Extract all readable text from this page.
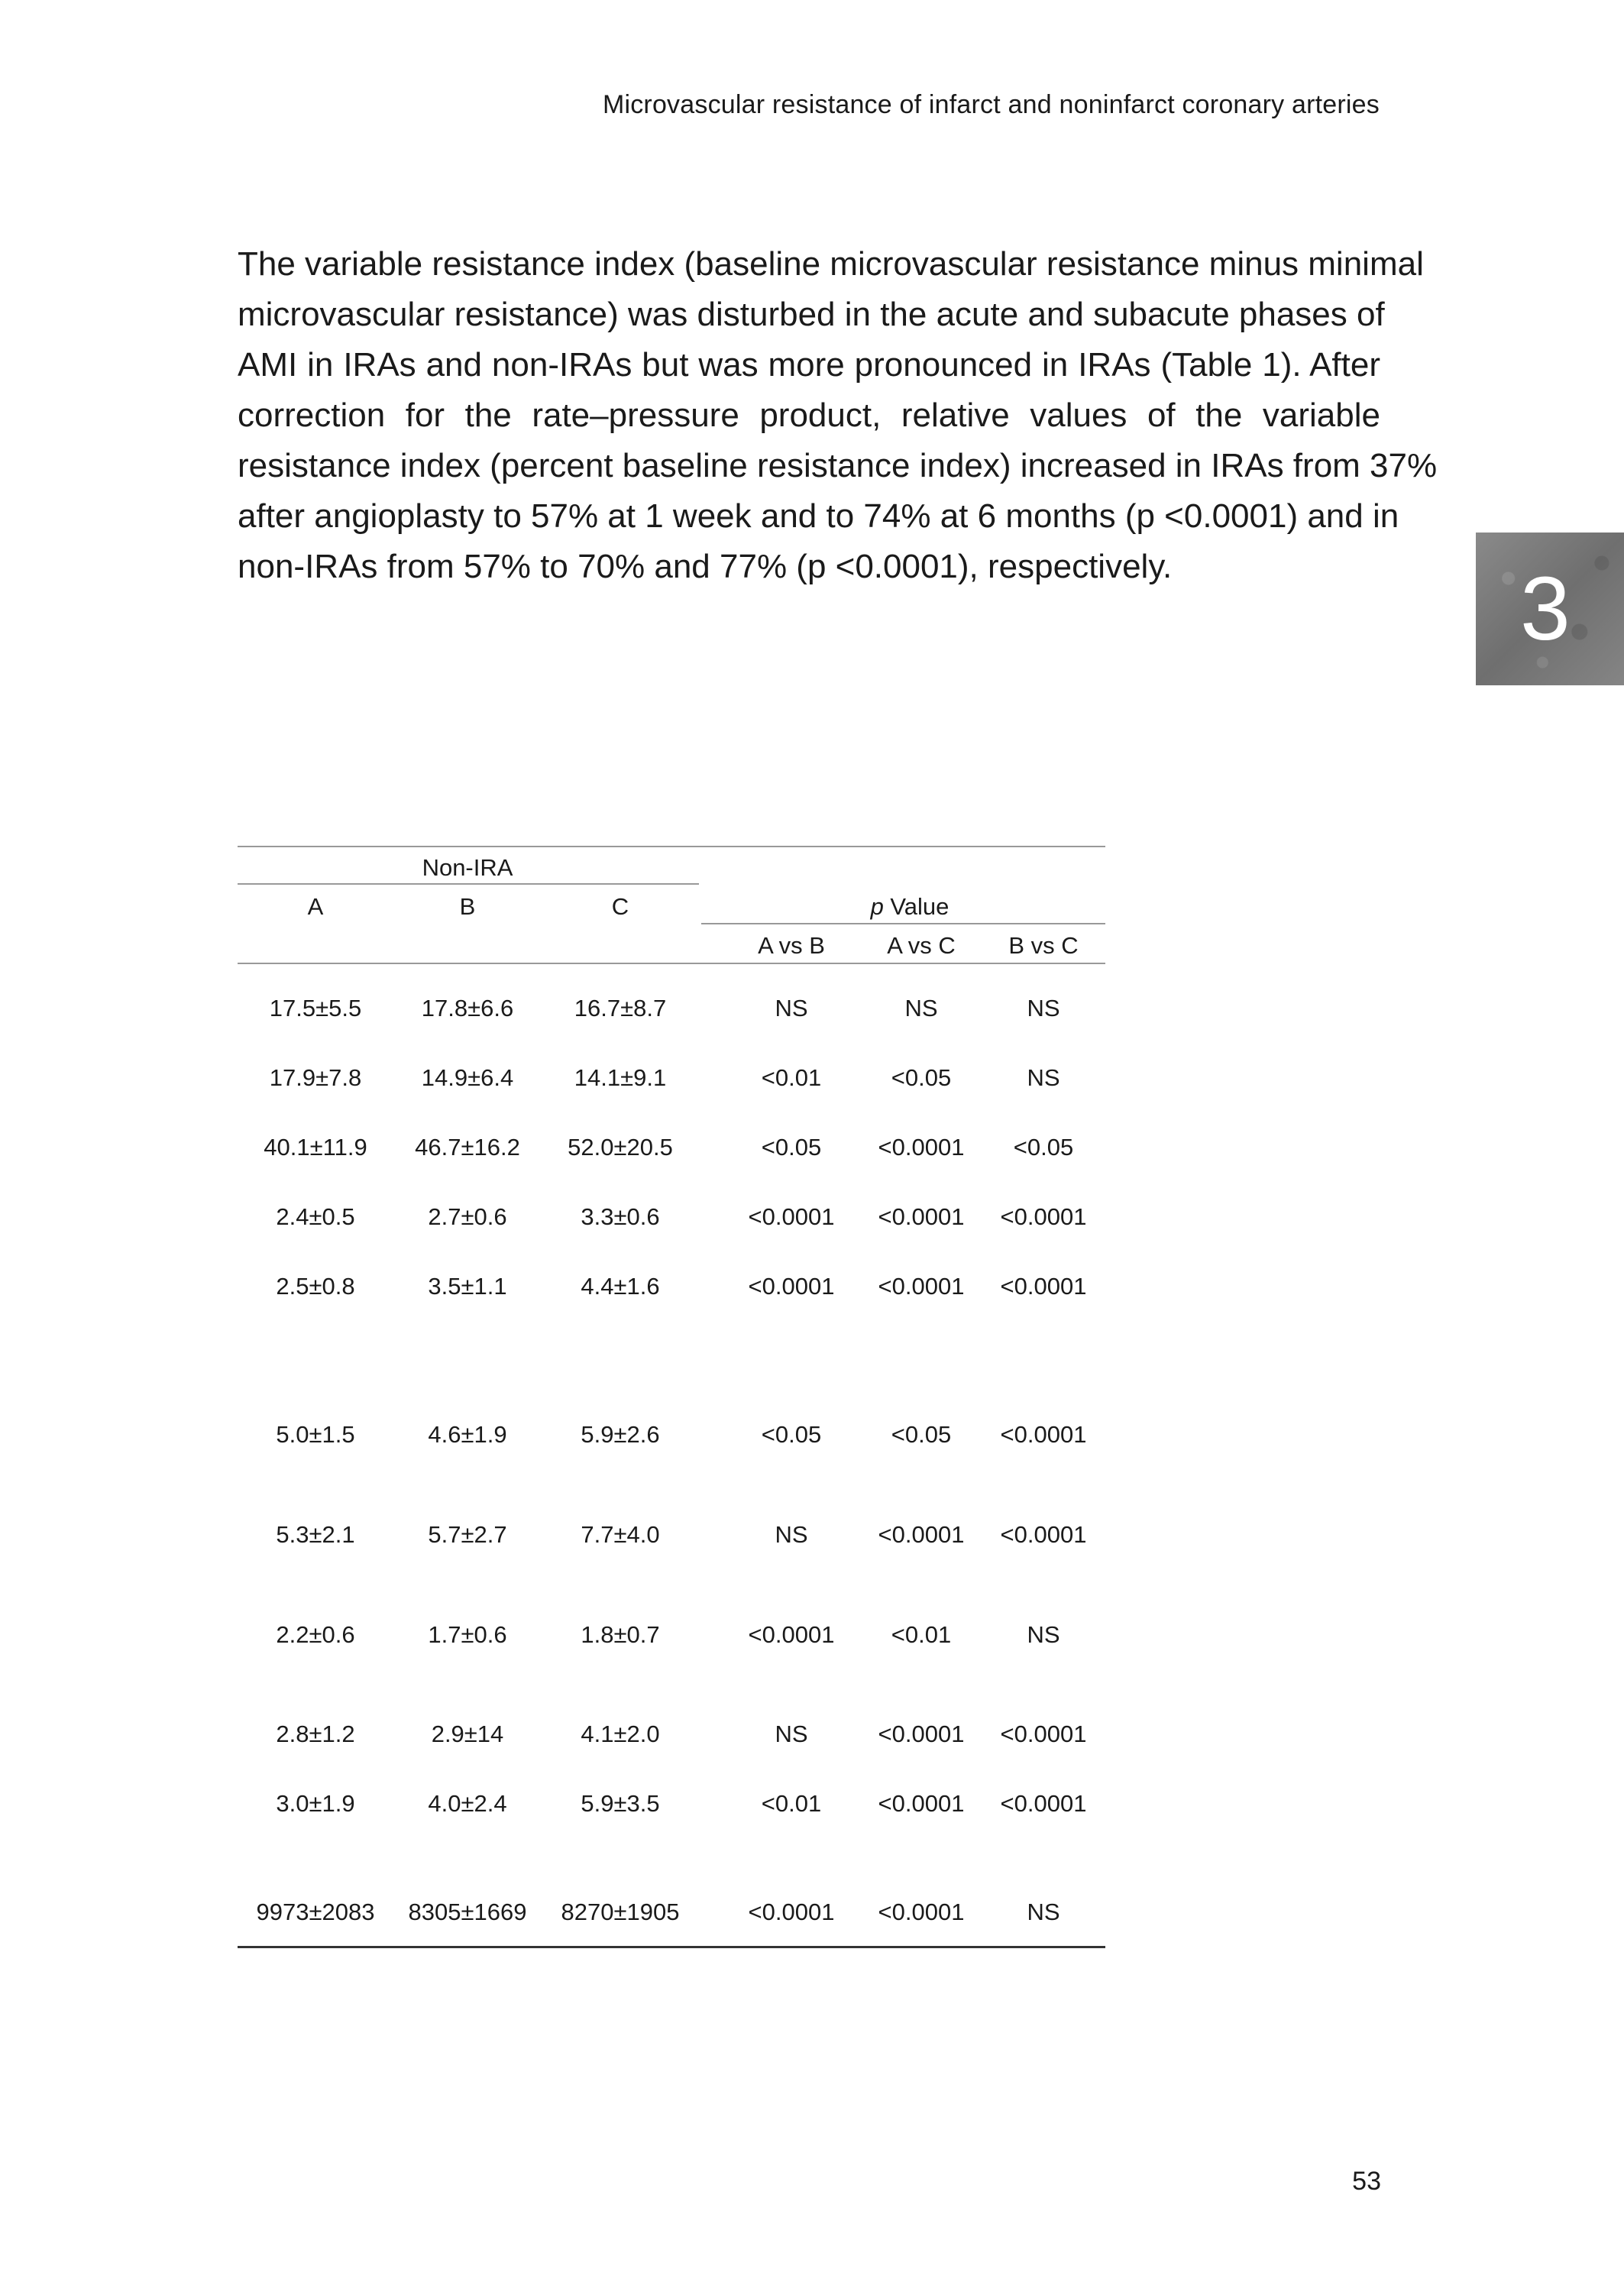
Microvascular resistance of infarct and noninfarct coronary arteries
The variable resistance index (baseline microvascular resistance minus minimal
microvascular resistance) was disturbed in the acute and subacute phases of
AMI in IRAs and non-IRAs but was more pronounced in IRAs (Table 1). After
correction for the rate–pressure product, relative values of the variable
resistance index (percent baseline resistance index) increased in IRAs from 37%
after angioplasty to 57% at 1 week and to 74% at 6 months (p <0.0001) and in
non-IRAs from 57% to 70% and 77% (p <0.0001), respectively.	3
Non-IRA
A	B	C	p Value
A vs B	A vs C B vs C
17.5±5.5	17.8±6.6	16.7±8.7	NS	NS	NS
17.9±7.8	14.9±6.4	14.1±9.1	<0.01	<0.05	NS
40.1±11.9 46.7±16.2 52.0±20.5	<0.05 <0.0001 <0.05
2.4±0.5	2.7±0.6	3.3±0.6	<0.0001 <0.0001 <0.0001
2.5±0.8	3.5±1.1	4.4±1.6	<0.0001 <0.0001 <0.0001
5.0±1.5	4.6±1.9	5.9±2.6	<0.05	<0.05 <0.0001
5.3±2.1	5.7±2.7	7.7±4.0	NS	<0.0001 <0.0001
2.2±0.6	1.7±0.6	1.8±0.7	<0.0001 <0.01	NS
2.8±1.2	2.9±14	4.1±2.0	NS	<0.0001 <0.0001
3.0±1.9	4.0±2.4	5.9±3.5	<0.01 <0.0001 <0.0001
9973±2083 8305±1669 8270±1905	<0.0001 <0.0001	NS
53
